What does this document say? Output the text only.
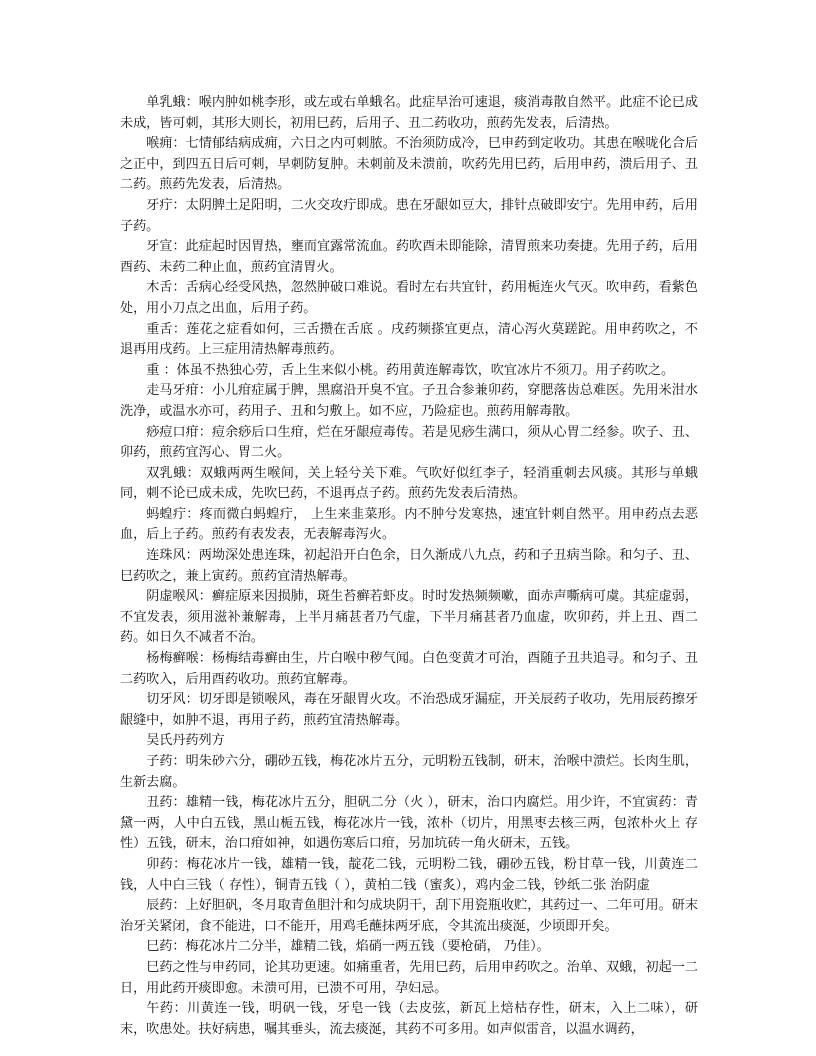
单乳蛾：喉内肿如桃李形，或左或右单蛾名。此症早治可速退，痰消毒散自然平。此症不论已成未成，皆可刺，其形大则长，初用巳药，后用子、丑二药收功，煎药先发表，后清热。

喉痈：七情郁结病成痈，六日之内可刺脓。不治须防成冷，巳申药到定收功。其患在喉咙化合后之正中，到四五日后可刺，早刺防复肿。未刺前及未溃前，吹药先用巳药，后用申药，溃后用子、丑二药。煎药先发表，后清热。

牙疔：太阴脾土足阳明，二火交攻疔即成。患在牙龈如豆大，排针点破即安宁。先用申药，后用子药。

牙宣：此症起时因胃热，壅而宜露常流血。药吹酉未即能除，清胃煎来功奏捷。先用子药，后用酉药、未药二种止血，煎药宜清胃火。

木舌：舌病心经受风热，忽然肿破口难说。看时左右共宜针，药用栀连火气灭。吹申药，看紫色处，用小刀点之出血，后用子药。

重舌：莲花之症看如何，三舌攒在舌底 。戌药频搽宜更点，清心泻火莫蹉跎。用申药吹之，不退再用戌药。上三症用清热解毒煎药。

重 ：体虽不热独心劳，舌上生来似小桃。药用黄连解毒饮，吹宜冰片不须刀。用子药吹之。

走马牙疳：小儿疳症属于脾，黑腐沿开臭不宜。子丑合参兼卯药，穿腮落齿总难医。先用米泔水洗净，或温水亦可，药用子、丑和匀敷上。如不应，乃险症也。煎药用解毒散。

痧痘口疳：痘余痧后口生疳，烂在牙龈痘毒传。若是见痧生满口，须从心胃二经参。吹子、丑、卯药，煎药宜泻心、胃二火。

双乳蛾：双蛾两两生喉间，关上轻兮关下难。气吹好似红李子，轻消重刺去风痰。其形与单蛾同，刺不论已成未成，先吹巳药，不退再点子药。煎药先发表后清热。

蚂蝗疔：疼而微白蚂蝗疔， 上生来韭菜形。内不肿兮发寒热，速宜针刺自然平。用申药点去恶血，后上子药。煎药有表发表，无表解毒泻火。

连珠风：两坳深处患连珠，初起沿开白色余，日久渐成八九点，药和子丑病当除。和匀子、丑、巳药吹之，兼上寅药。煎药宜清热解毒。

阴虚喉风：癣症原来因损肺，斑生苔癣若虾皮。时时发热频频嗽，面赤声嘶病可虞。其症虚弱，不宜发表，须用滋补兼解毒，上半月痛甚者乃气虚，下半月痛甚者乃血虚，吹卯药，并上丑、酉二药。如日久不减者不治。

杨梅癣喉：杨梅结毒癣由生，片白喉中秽气闻。白色变黄才可治，酉随子丑共追寻。和匀子、丑二药吹入，后用酉药收功。煎药宜解毒。

切牙风：切牙即是锁喉风，毒在牙龈胃火攻。不治恐成牙漏症，开关辰药子收功，先用辰药擦牙龈缝中，如肿不退，再用子药，煎药宜清热解毒。

吴氏丹药列方

子药：明朱砂六分，硼砂五钱，梅花冰片五分，元明粉五钱制，研末，治喉中溃烂。长肉生肌，生新去腐。

丑药：雄精一钱，梅花冰片五分，胆矾二分（火 ），研末，治口内腐烂。用少许，不宜寅药：青黛一两，人中白五钱，黑山栀五钱，梅花冰片一钱，浓朴（切片，用黑枣去核三两，包浓朴火上 存性）五钱，研末，治口疳如神，如遇伤寒后口疳，另加坑砖一角火研末，五钱。

卯药：梅花冰片一钱，雄精一钱，靛花二钱，元明粉二钱，硼砂五钱，粉甘草一钱，川黄连二钱，人中白三钱（ 存性），铜青五钱（ ），黄柏二钱（蜜炙），鸡内金二钱，钞纸二张 治阴虚

辰药：上好胆矾，冬月取青鱼胆汁和匀成块阴干，刮下用瓷瓶收贮，其药过一、二年可用。研末治牙关紧闭，食不能进，口不能开，用鸡毛蘸抹两牙底，令其流出痰涎，少顷即开矣。

巳药：梅花冰片二分半，雄精二钱，焰硝一两五钱（要枪硝， 乃佳）。

巳药之性与申药同，论其功更速。如痛重者，先用巳药，后用申药吹之。治单、双蛾，初起一二日，用此药开痰即愈。未溃可用，已溃不可用，孕妇忌。

午药：川黄连一钱，明矾一钱，牙皂一钱（去皮弦，新瓦上焙枯存性，研末，入上二味），研末，吹患处。扶好病患，嘱其垂头，流去痰涎，其药不可多用。如声似雷音，以温水调药，
